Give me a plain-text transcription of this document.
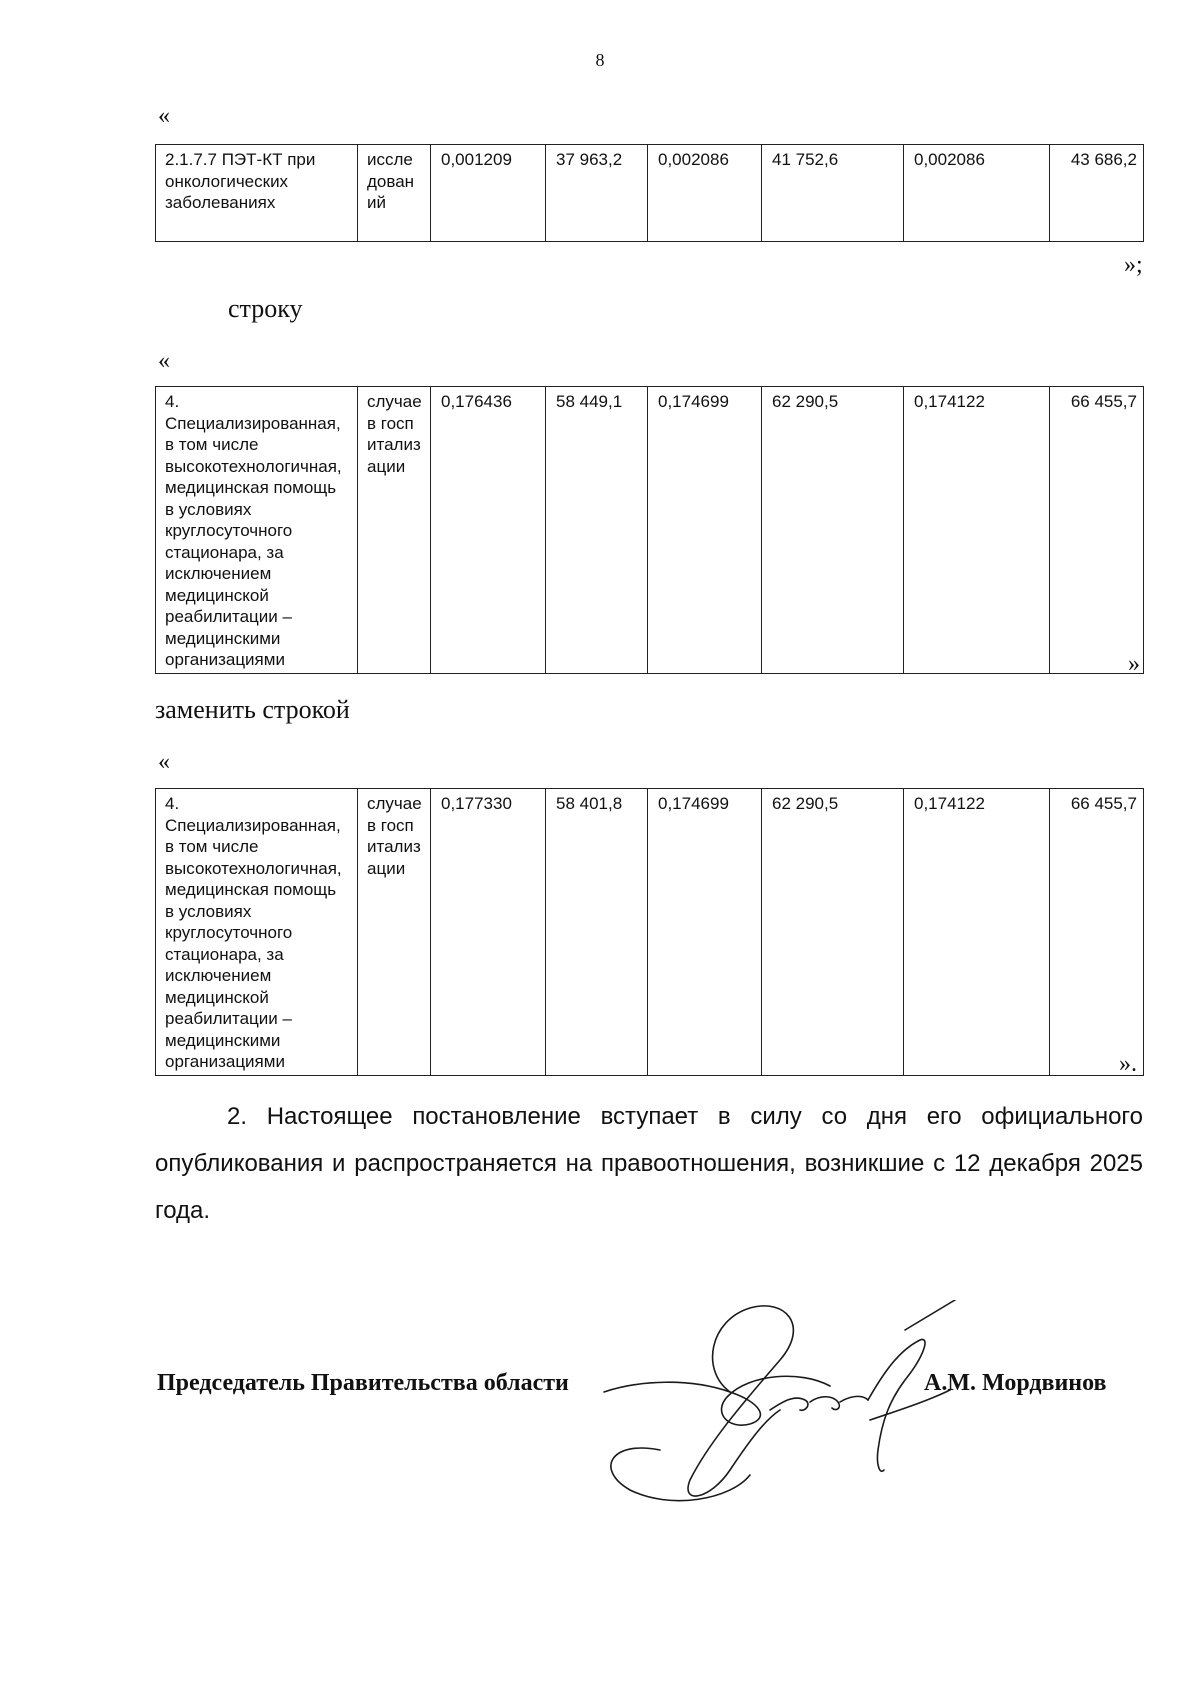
8
«
2.1.7.7 ПЭТ-КТ при онкологических заболеваниях	исследований	0,001209	37 963,2	0,002086	41 752,6	0,002086	43 686,2
»;
строку
«
4. Специализированная, в том числе высокотехнологичная, медицинская помощь в условиях круглосуточного стационара, за исключением медицинской реабилитации – медицинскими организациями	случаев госпитализации	0,176436	58 449,1	0,174699	62 290,5	0,174122	66 455,7
»
заменить строкой
«
4. Специализированная, в том числе высокотехнологичная, медицинская помощь в условиях круглосуточного стационара, за исключением медицинской реабилитации – медицинскими организациями	случаев госпитализации	0,177330	58 401,8	0,174699	62 290,5	0,174122	66 455,7
».
2. Настоящее постановление вступает в силу со дня его официального опубликования и распространяется на правоотношения, возникшие с 12 декабря 2025 года.
Председатель Правительства области	А.М. Мордвинов
